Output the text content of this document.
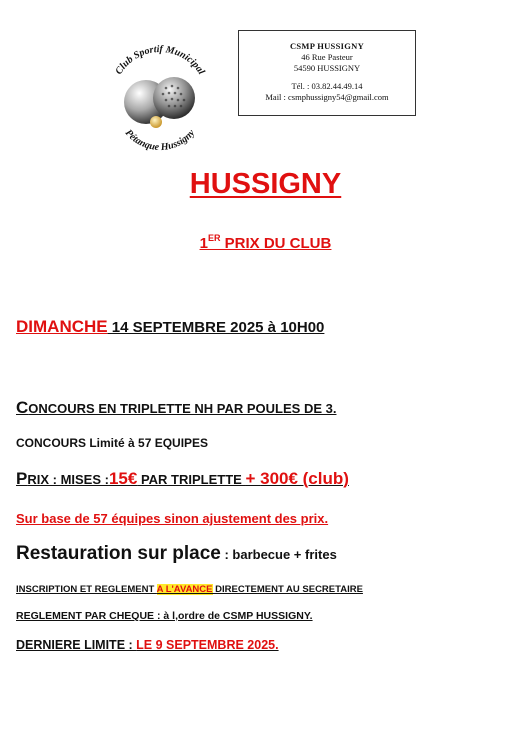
Club Sportif Municipal
Pétanque Hussigny
CSMP HUSSIGNY
46 Rue Pasteur
54590 HUSSIGNY
Tél. : 03.82.44.49.14
Mail : csmphussigny54@gmail.com
HUSSIGNY
1ER PRIX DU CLUB
DIMANCHE 14 SEPTEMBRE 2025 à 10H00
CONCOURS EN TRIPLETTE NH PAR POULES DE 3.
CONCOURS Limité à 57 EQUIPES
PRIX : MISES :15€ PAR TRIPLETTE + 300€ (club)
Sur base de 57 équipes sinon ajustement des prix.
Restauration sur place : barbecue + frites
INSCRIPTION ET REGLEMENT A L'AVANCE DIRECTEMENT AU SECRETAIRE
REGLEMENT PAR CHEQUE : à l,ordre de CSMP HUSSIGNY.
DERNIERE LIMITE : LE 9 SEPTEMBRE 2025.
